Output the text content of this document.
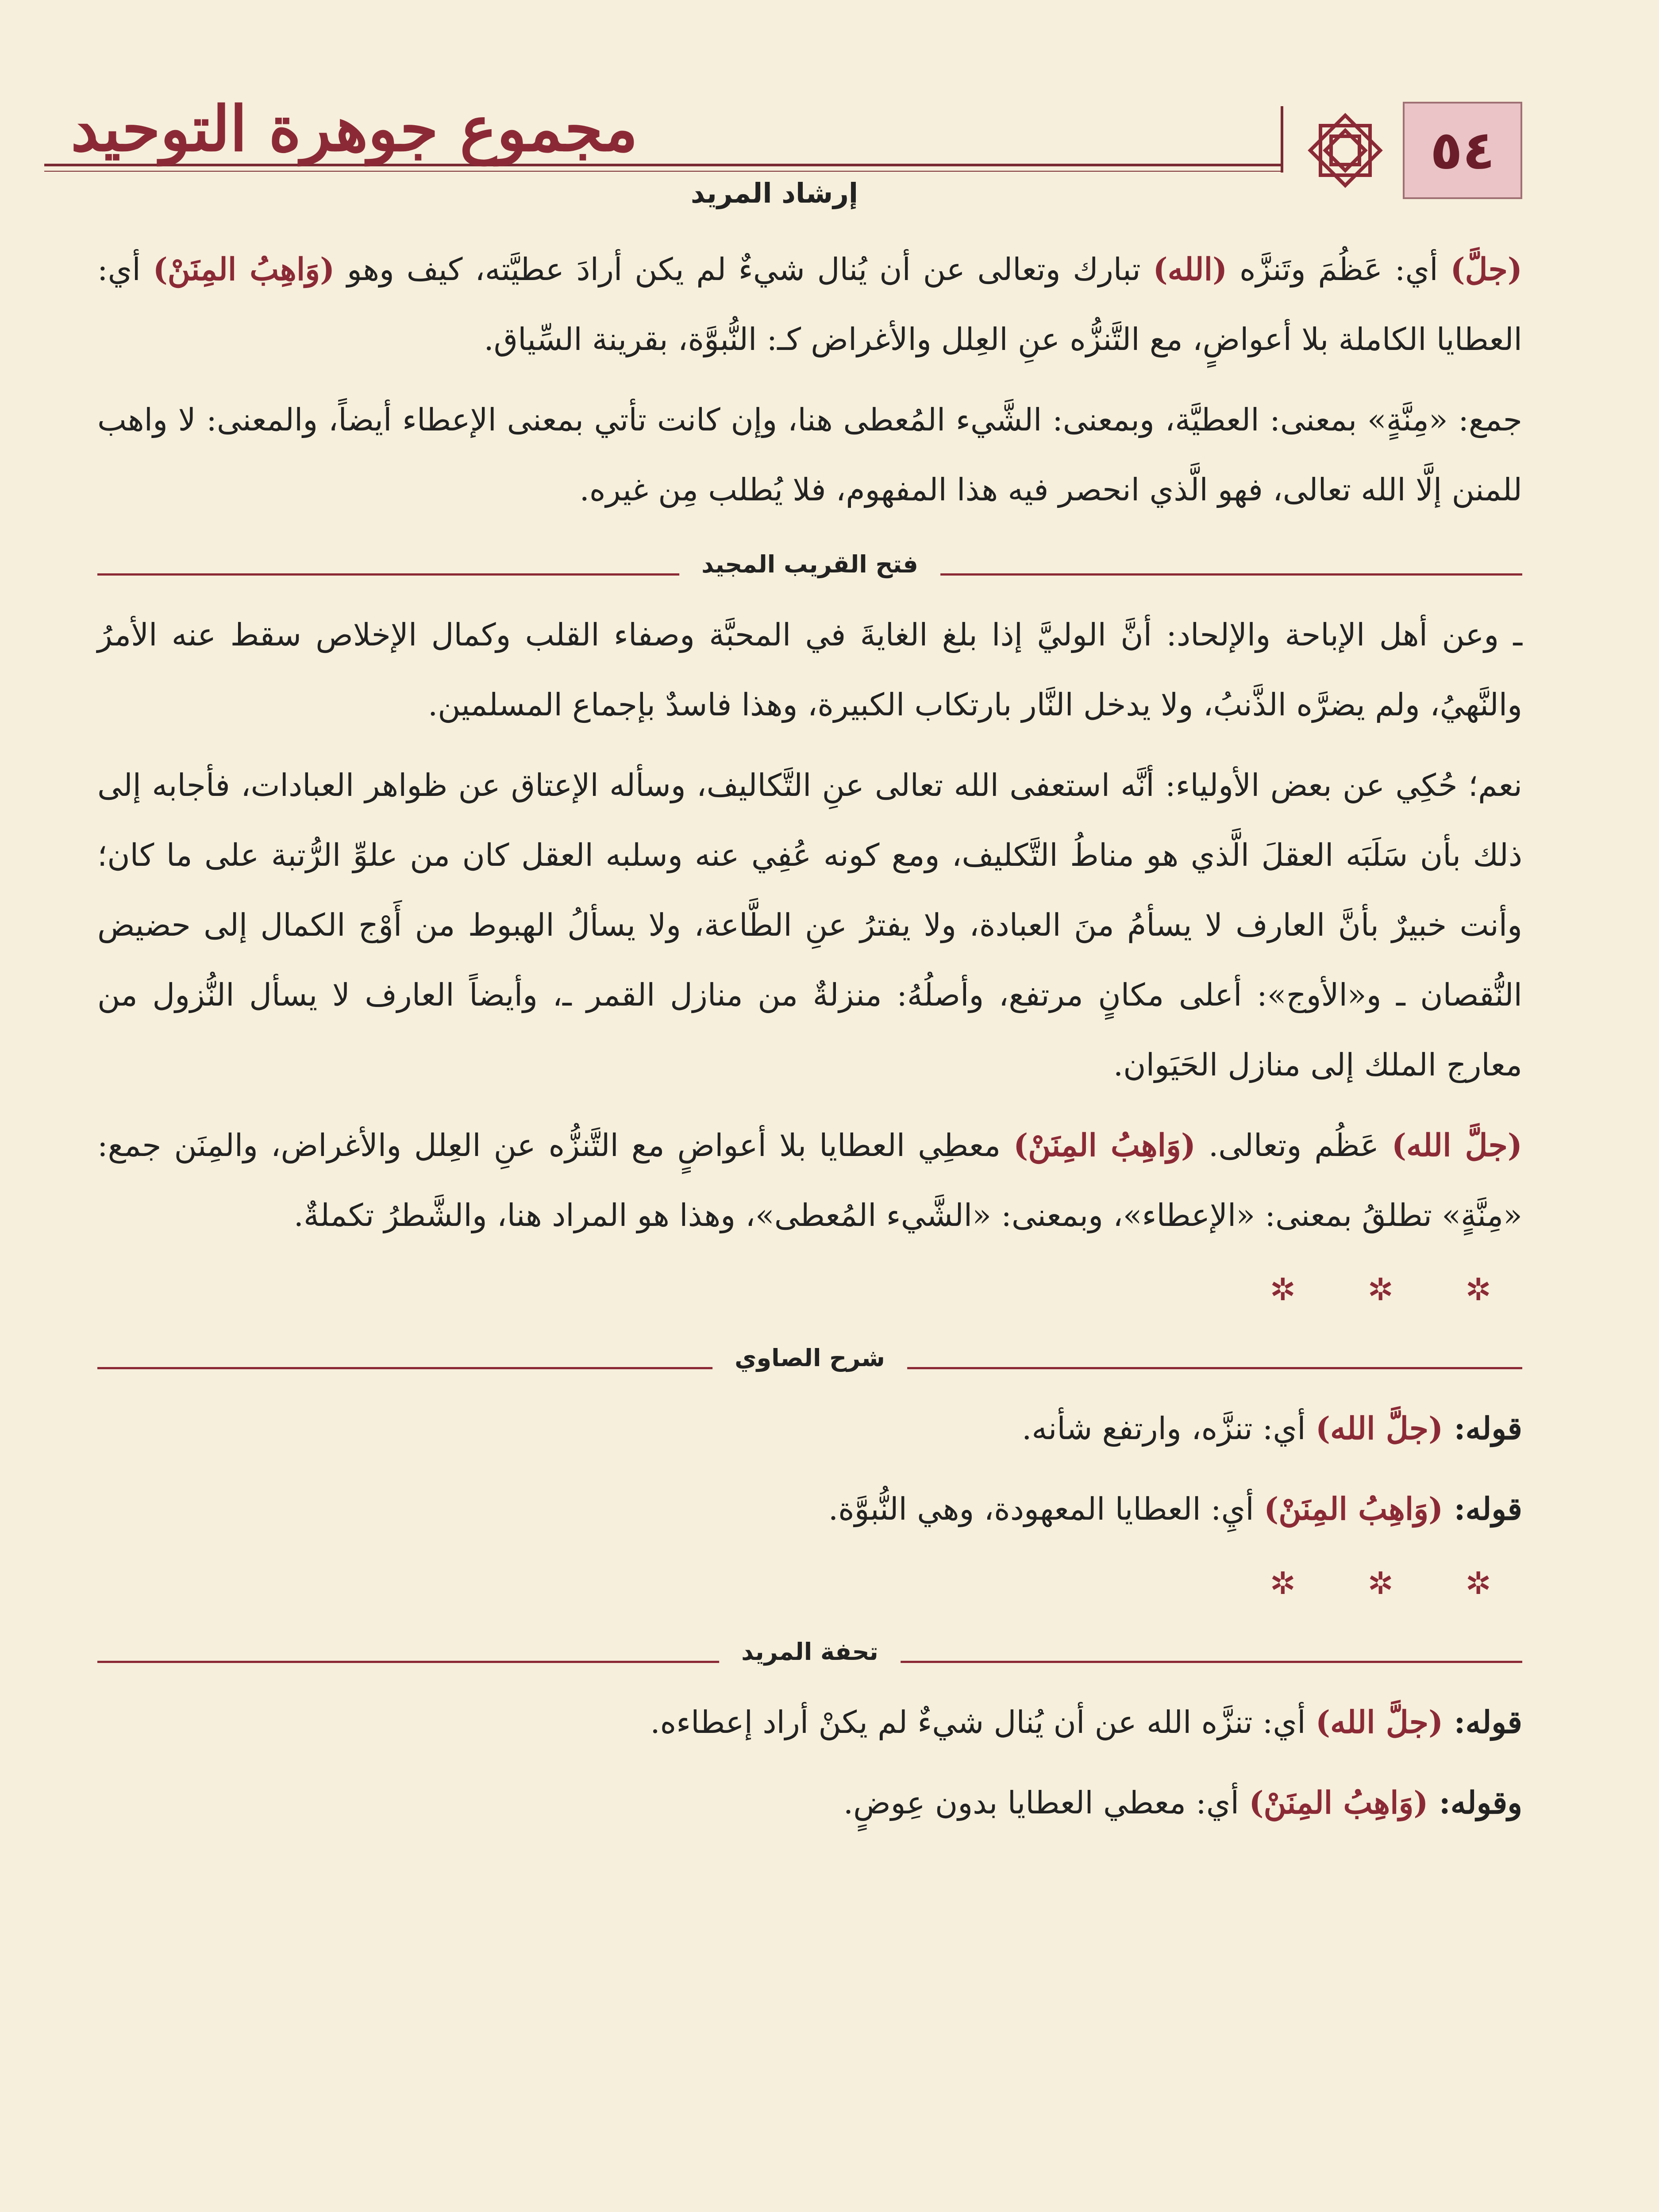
٥٤
مجموع جوهرة التوحيد
إرشاد المريد

(جلَّ) أي: عَظُمَ وتَنزَّه (الله) تبارك وتعالى عن أن يُنال شيءٌ لم يكن أرادَ عطيَّته، كيف وهو (وَاهِبُ المِنَنْ) أي: العطايا الكاملة بلا أعواضٍ، مع التَّنزُّه عنِ العِلل والأغراض كـ: النُّبوَّة، بقرينة السِّياق.

جمع: «مِنَّةٍ» بمعنى: العطيَّة، وبمعنى: الشَّيء المُعطى هنا، وإن كانت تأتي بمعنى الإعطاء أيضاً، والمعنى: لا واهب للمنن إلَّا الله تعالى، فهو الَّذي انحصر فيه هذا المفهوم، فلا يُطلب مِن غيره.

فتح القريب المجيد

ـ وعن أهل الإباحة والإلحاد: أنَّ الوليَّ إذا بلغ الغايةَ في المحبَّة وصفاء القلب وكمال الإخلاص سقط عنه الأمرُ والنَّهيُ، ولم يضرَّه الذَّنبُ، ولا يدخل النَّار بارتكاب الكبيرة، وهذا فاسدٌ بإجماع المسلمين.

نعم؛ حُكِي عن بعض الأولياء: أنَّه استعفى الله تعالى عنِ التَّكاليف، وسأله الإعتاق عن ظواهر العبادات، فأجابه إلى ذلك بأن سَلَبَه العقلَ الَّذي هو مناطُ التَّكليف، ومع كونه عُفِي عنه وسلبه العقل كان من علوِّ الرُّتبة على ما كان؛ وأنت خبيرٌ بأنَّ العارف لا يسأمُ منَ العبادة، ولا يفترُ عنِ الطَّاعة، ولا يسألُ الهبوط من أَوْج الكمال إلى حضيض النُّقصان ـ و«الأوج»: أعلى مكانٍ مرتفع، وأصلُهُ: منزلةٌ من منازل القمر ـ، وأيضاً العارف لا يسأل النُّزول من معارج الملك إلى منازل الحَيَوان.

(جلَّ الله) عَظُم وتعالى. (وَاهِبُ المِنَنْ) معطِي العطايا بلا أعواضٍ مع التَّنزُّه عنِ العِلل والأغراض، والمِنَن جمع: «مِنَّةٍ» تطلقُ بمعنى: «الإعطاء»، وبمعنى: «الشَّيء المُعطى»، وهذا هو المراد هنا، والشَّطرُ تكملةٌ.

✲ ✲ ✲
شرح الصاوي

قوله: (جلَّ الله) أي: تنزَّه، وارتفع شأنه.

قوله: (وَاهِبُ المِنَنْ) أيِ: العطايا المعهودة، وهي النُّبوَّة.

✲ ✲ ✲
تحفة المريد

قوله: (جلَّ الله) أي: تنزَّه الله عن أن يُنال شيءٌ لم يكنْ أراد إعطاءه.

وقوله: (وَاهِبُ المِنَنْ) أي: معطي العطايا بدون عِوضٍ.
